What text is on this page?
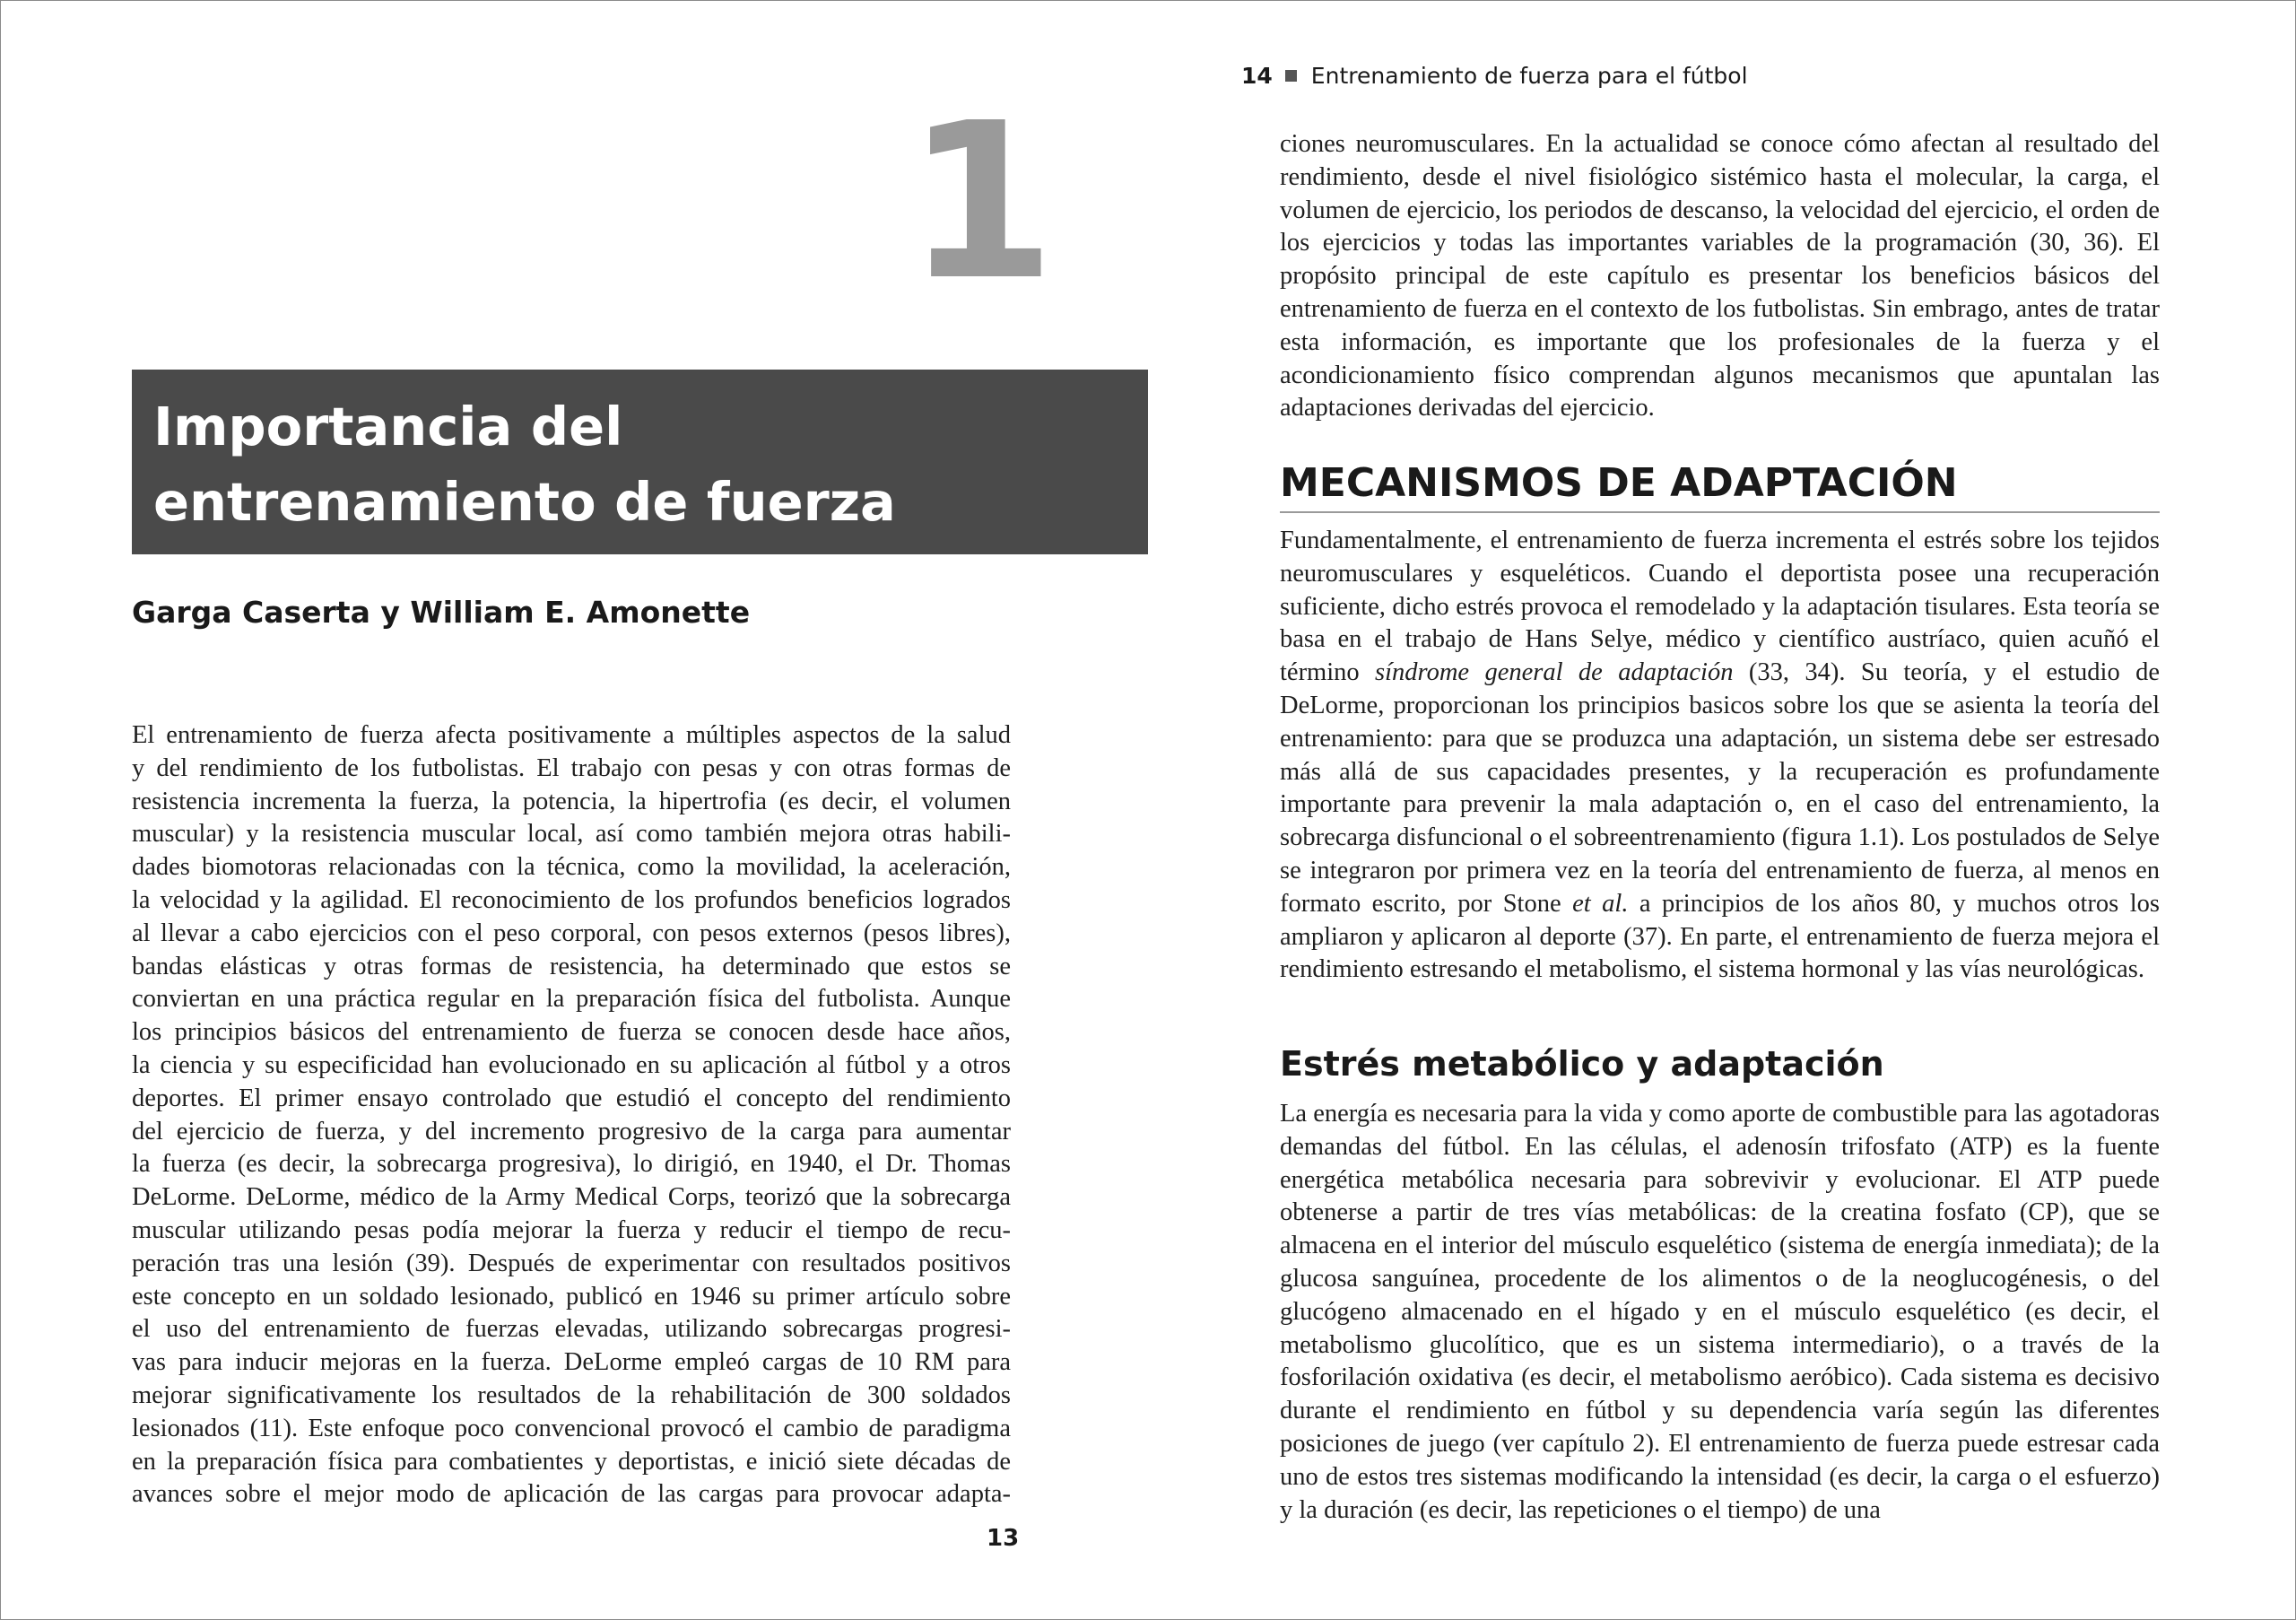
1
Importancia del
entrenamiento de fuerza
Garga Caserta y William E. Amonette
El entrenamiento de fuerza afecta positivamente a múltiples aspectos de la salud
y del rendimiento de los futbolistas. El trabajo con pesas y con otras formas de
resistencia incrementa la fuerza, la potencia, la hipertrofia (es decir, el volumen
muscular) y la resistencia muscular local, así como también mejora otras habili-
dades biomotoras relacionadas con la técnica, como la movilidad, la aceleración,
la velocidad y la agilidad. El reconocimiento de los profundos beneficios logrados
al llevar a cabo ejercicios con el peso corporal, con pesos externos (pesos libres),
bandas elásticas y otras formas de resistencia, ha determinado que estos se
conviertan en una práctica regular en la preparación física del futbolista. Aunque
los principios básicos del entrenamiento de fuerza se conocen desde hace años,
la ciencia y su especificidad han evolucionado en su aplicación al fútbol y a otros
deportes. El primer ensayo controlado que estudió el concepto del rendimiento
del ejercicio de fuerza, y del incremento progresivo de la carga para aumentar
la fuerza (es decir, la sobrecarga progresiva), lo dirigió, en 1940, el Dr. Thomas
DeLorme. DeLorme, médico de la Army Medical Corps, teorizó que la sobrecarga
muscular utilizando pesas podía mejorar la fuerza y reducir el tiempo de recu-
peración tras una lesión (39). Después de experimentar con resultados positivos
este concepto en un soldado lesionado, publicó en 1946 su primer artículo sobre
el uso del entrenamiento de fuerzas elevadas, utilizando sobrecargas progresi-
vas para inducir mejoras en la fuerza. DeLorme empleó cargas de 10 RM para
mejorar significativamente los resultados de la rehabilitación de 300 soldados
lesionados (11). Este enfoque poco convencional provocó el cambio de paradigma
en la preparación física para combatientes y deportistas, e inició siete décadas de
avances sobre el mejor modo de aplicación de las cargas para provocar adapta-
13
14 Entrenamiento de fuerza para el fútbol

ciones neuromusculares. En la actualidad se conoce cómo afectan al resultado del rendimiento, desde el nivel fisiológico sistémico hasta el molecular, la carga, el volumen de ejercicio, los periodos de descanso, la velocidad del ejercicio, el orden de los ejercicios y todas las importantes variables de la programación (30, 36). El propósito principal de este capítulo es presentar los beneficios básicos del entrenamiento de fuerza en el contexto de los futbolistas. Sin embrago, antes de tratar esta información, es importante que los profesionales de la fuerza y el acondicionamiento físico comprendan algunos mecanismos que apuntalan las adaptaciones derivadas del ejercicio.

MECANISMOS DE ADAPTACIÓN

Fundamentalmente, el entrenamiento de fuerza incrementa el estrés sobre los tejidos neuromusculares y esqueléticos. Cuando el deportista posee una recuperación suficiente, dicho estrés provoca el remodelado y la adaptación tisulares. Esta teoría se basa en el trabajo de Hans Selye, médico y científico austríaco, quien acuñó el término síndrome general de adaptación (33, 34). Su teoría, y el estudio de DeLorme, proporcionan los principios basicos sobre los que se asienta la teoría del entrenamiento: para que se produzca una adaptación, un sistema debe ser estresado más allá de sus capacidades presentes, y la recuperación es profundamente importante para prevenir la mala adaptación o, en el caso del entrenamiento, la sobrecarga disfuncional o el sobreentrenamiento (figura 1.1). Los postulados de Selye se integraron por primera vez en la teoría del entrenamiento de fuerza, al menos en formato escrito, por Stone et al. a principios de los años 80, y muchos otros los ampliaron y aplicaron al deporte (37). En parte, el entrenamiento de fuerza mejora el rendimiento estresando el metabolismo, el sistema hormonal y las vías neurológicas.

Estrés metabólico y adaptación

La energía es necesaria para la vida y como aporte de combustible para las agotadoras demandas del fútbol. En las células, el adenosín trifosfato (ATP) es la fuente energética metabólica necesaria para sobrevivir y evolucionar. El ATP puede obtenerse a partir de tres vías metabólicas: de la creatina fosfato (CP), que se almacena en el interior del músculo esquelético (sistema de energía inmediata); de la glucosa sanguínea, procedente de los alimentos o de la neoglucogénesis, o del glucógeno almacenado en el hígado y en el músculo esquelético (es decir, el metabolismo glucolítico, que es un sistema intermediario), o a través de la fosforilación oxidativa (es decir, el metabolismo aeróbico). Cada sistema es decisivo durante el rendimiento en fútbol y su dependencia varía según las diferentes posiciones de juego (ver capítulo 2). El entrenamiento de fuerza puede estresar cada uno de estos tres sistemas modificando la intensidad (es decir, la carga o el esfuerzo) y la duración (es decir, las repeticiones o el tiempo) de una
